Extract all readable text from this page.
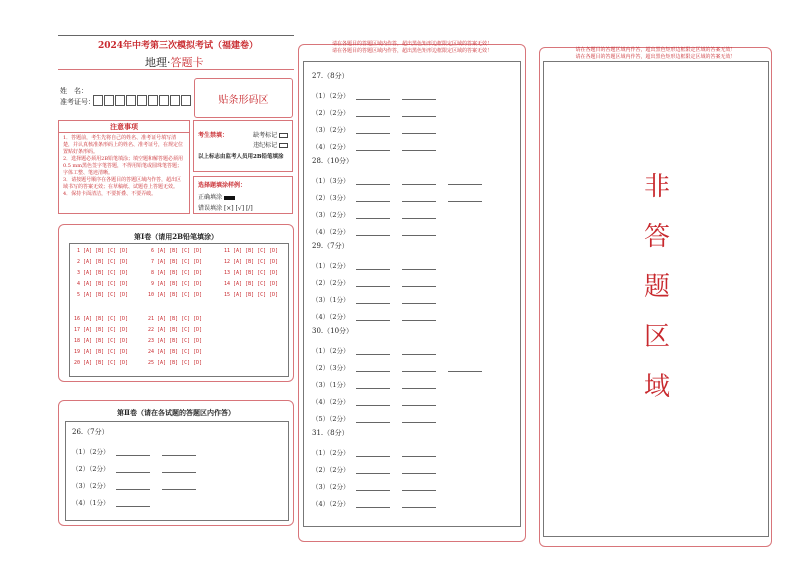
2024年中考第三次模拟考试（福建卷）
地理·答题卡
姓　名：
准考证号：	贴条形码区
注意事项
1．答题前，考生先将自己的姓名、准考证号填写清楚，并认真核准条形码上的姓名、准考证号，在规定位置贴好条形码。
2．选择题必须用2B铅笔填涂；填空题和解答题必须用0.5 mm黑色签字笔答题，不得用铅笔或圆珠笔答题；字体工整、笔迹清晰。
3．请按题号顺序在各题目的答题区域内作答，超出区域书写的答案无效；在草稿纸、试题卷上答题无效。
4．保持卡面清洁，不要折叠、不要弄破。
考生禁填：	缺考标记
违纪标记
以上标志由监考人员用2B铅笔填涂
选择题填涂样例：
正确填涂
错误填涂 [×] [√] [/]
第Ⅰ卷（请用2B铅笔填涂）
1 [A] [B] [C] [D]
2 [A] [B] [C] [D]
3 [A] [B] [C] [D]
4 [A] [B] [C] [D]
5 [A] [B] [C] [D]
6 [A] [B] [C] [D]
7 [A] [B] [C] [D]
8 [A] [B] [C] [D]
9 [A] [B] [C] [D]
10 [A] [B] [C] [D]
11 [A] [B] [C] [D]
12 [A] [B] [C] [D]
13 [A] [B] [C] [D]
14 [A] [B] [C] [D]
15 [A] [B] [C] [D]
16 [A] [B] [C] [D]
17 [A] [B] [C] [D]
18 [A] [B] [C] [D]
19 [A] [B] [C] [D]
20 [A] [B] [C] [D]
21 [A] [B] [C] [D]
22 [A] [B] [C] [D]
23 [A] [B] [C] [D]
24 [A] [B] [C] [D]
25 [A] [B] [C] [D]
第Ⅱ卷（请在各试题的答题区内作答）
26.（7分）
（1）（2分）
（2）（2分）
（3）（2分）
（4）（1分）
请在各题目的答题区域内作答，超出黑色矩形边框限定区域的答案无效！
请在各题目的答题区域内作答，超出黑色矩形边框限定区域的答案无效！
27.（8分）
（1）（2分）
（2）（2分）
（3）（2分）
（4）（2分）
28.（10分）
（1）（3分）
（2）（3分）
（3）（2分）
（4）（2分）
29.（7分）
（1）（2分）
（2）（2分）
（3）（1分）
（4）（2分）
30.（10分）
（1）（2分）
（2）（3分）
（3）（1分）
（4）（2分）
（5）（2分）
31.（8分）
（1）（2分）
（2）（2分）
（3）（2分）
（4）（2分）
请在各题目的答题区域内作答，超出黑色矩形边框限定区域的答案无效！
请在各题目的答题区域内作答，超出黑色矩形边框限定区域的答案无效！
非
答
题
区
域
